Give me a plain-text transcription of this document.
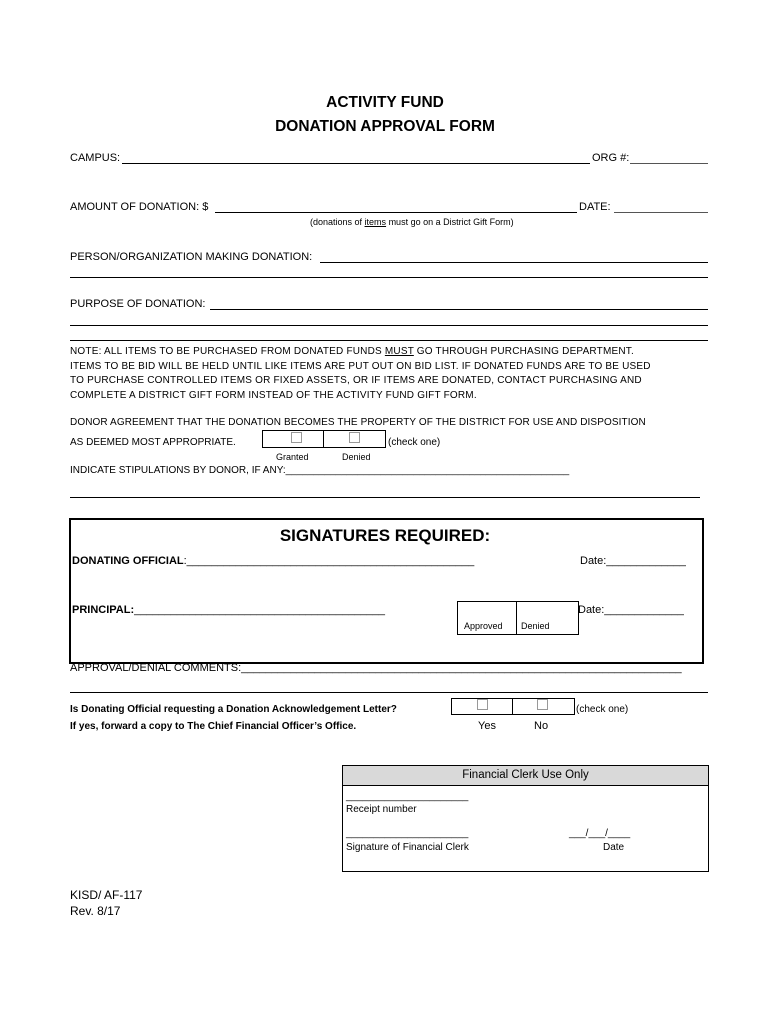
ACTIVITY FUND
DONATION APPROVAL FORM
CAMPUS:	ORG #:
AMOUNT OF DONATION: $	DATE:
(donations of items must go on a District Gift Form)
PERSON/ORGANIZATION MAKING DONATION:
PURPOSE OF DONATION:
NOTE: ALL ITEMS TO BE PURCHASED FROM DONATED FUNDS MUST GO THROUGH PURCHASING DEPARTMENT.
ITEMS TO BE BID WILL BE HELD UNTIL LIKE ITEMS ARE PUT OUT ON BID LIST. IF DONATED FUNDS ARE TO BE USED
TO PURCHASE CONTROLLED ITEMS OR FIXED ASSETS, OR IF ITEMS ARE DONATED, CONTACT PURCHASING AND
COMPLETE A DISTRICT GIFT FORM INSTEAD OF THE ACTIVITY FUND GIFT FORM.
DONOR AGREEMENT THAT THE DONATION BECOMES THE PROPERTY OF THE DISTRICT FOR USE AND DISPOSITION
AS DEEMED MOST APPROPRIATE.	(check one)
Granted	Denied
INDICATE STIPULATIONS BY DONOR, IF ANY:___________________________________________________
SIGNATURES REQUIRED:
DONATING OFFICIAL:_______________________________________________	Date:_____________
PRINCIPAL:_________________________________________
Approved Denied
Date:_____________
APPROVAL/DENIAL COMMENTS:________________________________________________________________________
Is Donating Official requesting a Donation Acknowledgement Letter?
If yes, forward a copy to The Chief Financial Officer’s Office.
(check one)
Yes	No
Financial Clerk Use Only
______________________
Receipt number
______________________
Signature of Financial Clerk
___/___/____
Date
KISD/ AF-117
Rev. 8/17
